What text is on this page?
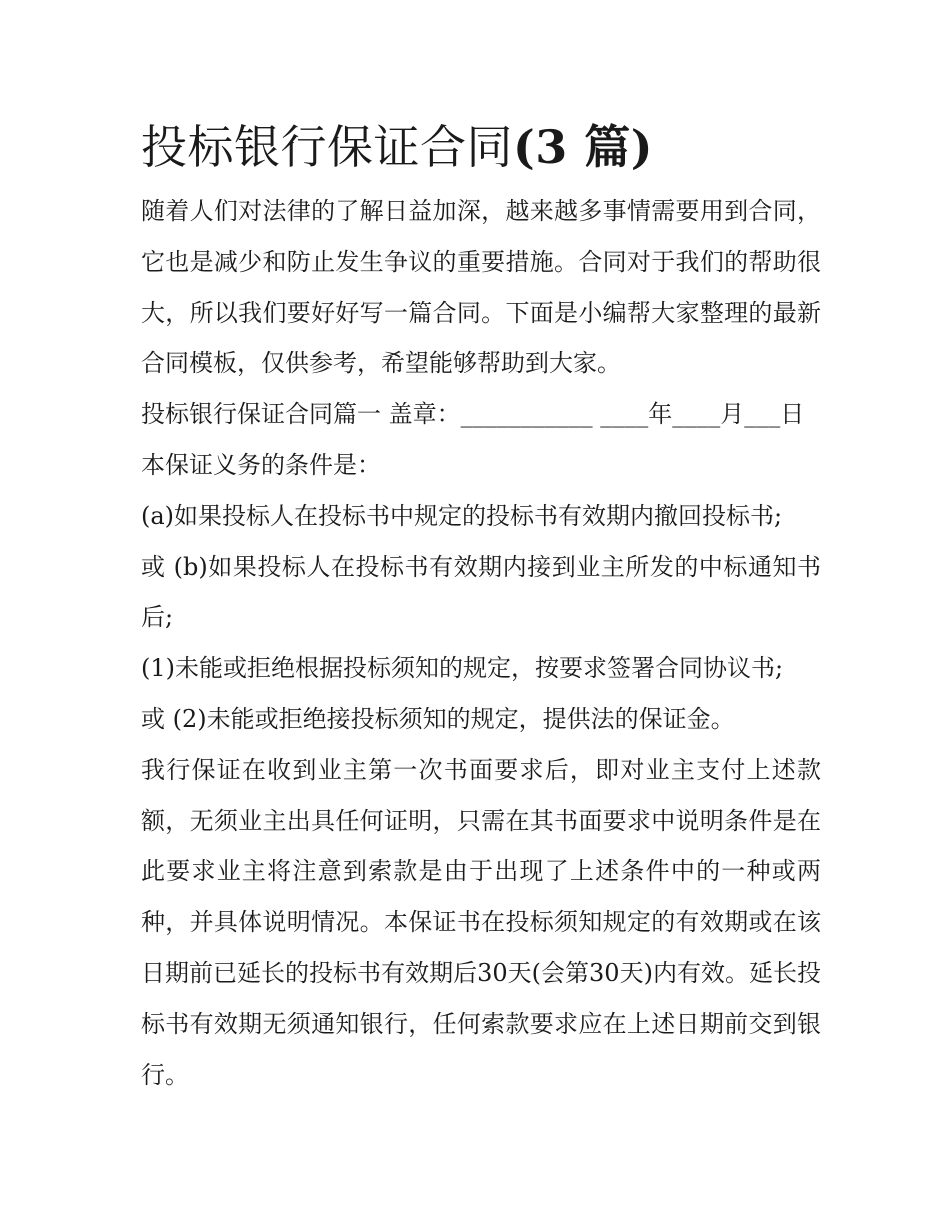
投标银行保证合同(3 篇)

随着人们对法律的了解日益加深，越来越多事情需要用到合同，它也是减少和防止发生争议的重要措施。合同对于我们的帮助很大，所以我们要好好写一篇合同。下面是小编帮大家整理的最新合同模板，仅供参考，希望能够帮助到大家。

投标银行保证合同篇一 盖章：___________ ____年____月___日

本保证义务的条件是：

(a)如果投标人在投标书中规定的投标书有效期内撤回投标书;

或 (b)如果投标人在投标书有效期内接到业主所发的中标通知书后;

(1)未能或拒绝根据投标须知的规定，按要求签署合同协议书;

或 (2)未能或拒绝接投标须知的规定，提供法的保证金。

我行保证在收到业主第一次书面要求后，即对业主支付上述款额，无须业主出具任何证明，只需在其书面要求中说明条件是在此要求业主将注意到索款是由于出现了上述条件中的一种或两种，并具体说明情况。本保证书在投标须知规定的有效期或在该日期前已延长的投标书有效期后30天(会第30天)内有效。延长投标书有效期无须通知银行，任何索款要求应在上述日期前交到银行。
